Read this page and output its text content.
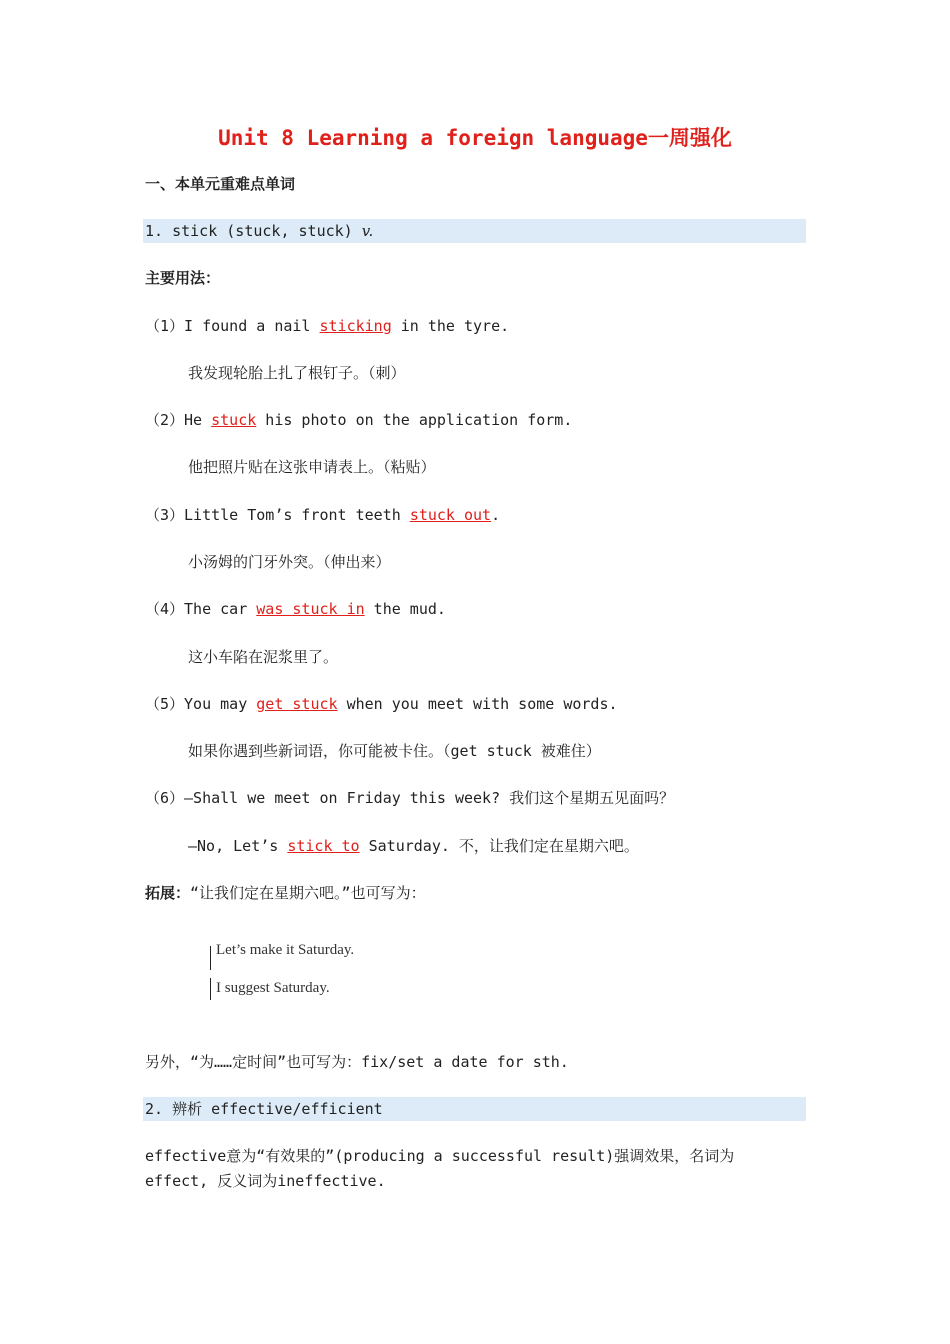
Unit 8 Learning a foreign language一周强化
一、本单元重难点单词
1. stick (stuck, stuck) v.
主要用法：
（1）I found a nail sticking in the tyre.
我发现轮胎上扎了根钉子。（刺）
（2）He stuck his photo on the application form.
他把照片贴在这张申请表上。（粘贴）
（3）Little Tom’s front teeth stuck out.
小汤姆的门牙外突。（伸出来）
（4）The car was stuck in the mud.
这小车陷在泥浆里了。
（5）You may get stuck when you meet with some words.
如果你遇到些新词语，你可能被卡住。（get stuck 被难住）
（6）—Shall we meet on Friday this week? 我们这个星期五见面吗？
—No, Let’s stick to Saturday. 不，让我们定在星期六吧。
拓展：“让我们定在星期六吧。”也可写为：
Let’s make it Saturday.
I suggest Saturday.
另外，“为……定时间”也可写为：fix/set a date for sth.
2. 辨析 effective/efficient
effective意为“有效果的”(producing a successful result)强调效果，名词为
effect, 反义词为ineffective.
